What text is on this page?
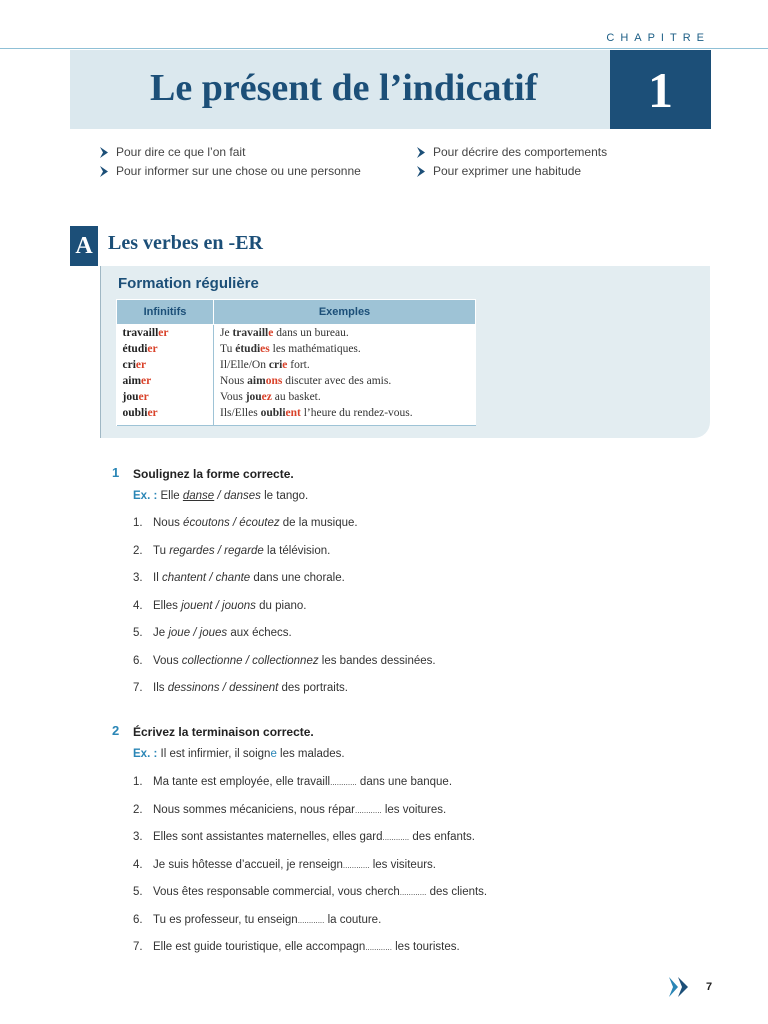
CHAPITRE
Le présent de l’indicatif 1
Pour dire ce que l’on fait
Pour informer sur une chose ou une personne
Pour décrire des comportements
Pour exprimer une habitude
A Les verbes en -ER
Formation régulière
Infinitifs	Exemples
travailler	Je travaille dans un bureau.
étudier	Tu étudies les mathématiques.
crier	Il/Elle/On crie fort.
aimer	Nous aimons discuter avec des amis.
jouer	Vous jouez au basket.
oublier	Ils/Elles oublient l’heure du rendez-vous.
1 Soulignez la forme correcte.
Ex. : Elle danse / danses le tango.
1. Nous écoutons / écoutez de la musique.
2. Tu regardes / regarde la télévision.
3. Il chantent / chante dans une chorale.
4. Elles jouent / jouons du piano.
5. Je joue / joues aux échecs.
6. Vous collectionne / collectionnez les bandes dessinées.
7. Ils dessinons / dessinent des portraits.
2 Écrivez la terminaison correcte.
Ex. : Il est infirmier, il soigne les malades.
1. Ma tante est employée, elle travaill............ dans une banque.
2. Nous sommes mécaniciens, nous répar............ les voitures.
3. Elles sont assistantes maternelles, elles gard............ des enfants.
4. Je suis hôtesse d’accueil, je renseign............ les visiteurs.
5. Vous êtes responsable commercial, vous cherch............ des clients.
6. Tu es professeur, tu enseign............ la couture.
7. Elle est guide touristique, elle accompagn............ les touristes.
7
